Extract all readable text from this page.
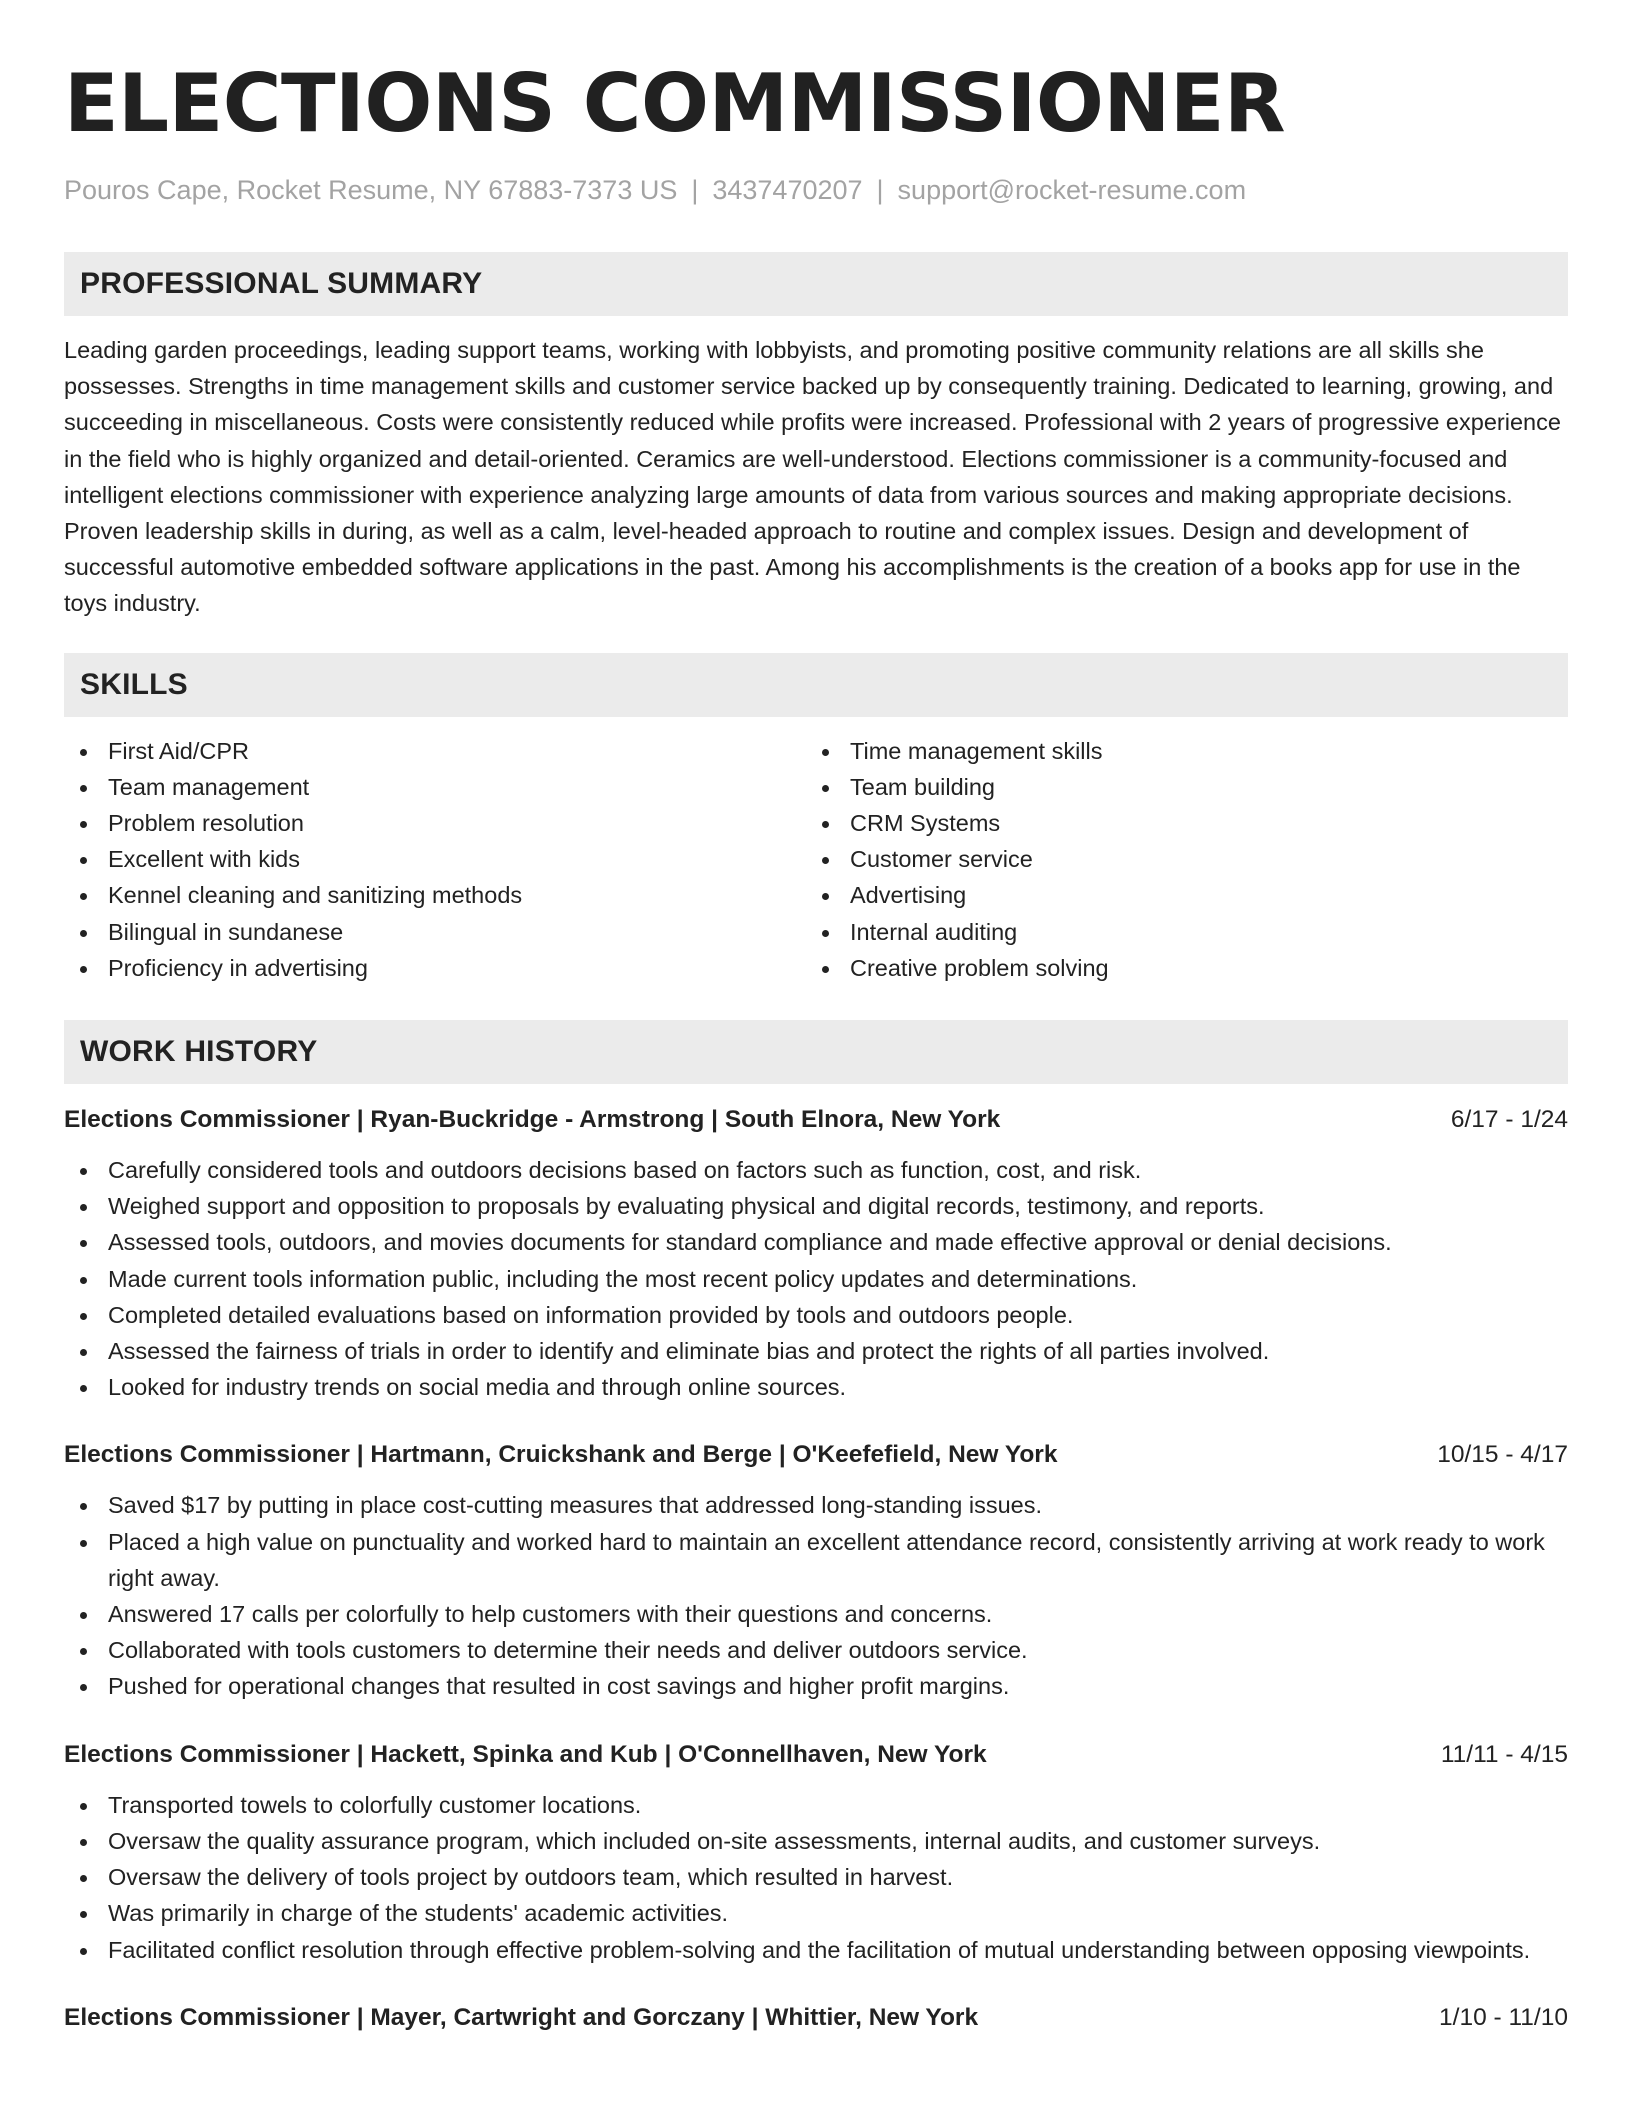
ELECTIONS COMMISSIONER
Pouros Cape, Rocket Resume, NY 67883-7373 US | 3437470207 | support@rocket-resume.com
PROFESSIONAL SUMMARY
Leading garden proceedings, leading support teams, working with lobbyists, and promoting positive community relations are all skills she possesses. Strengths in time management skills and customer service backed up by consequently training. Dedicated to learning, growing, and succeeding in miscellaneous. Costs were consistently reduced while profits were increased. Professional with 2 years of progressive experience in the field who is highly organized and detail-oriented. Ceramics are well-understood. Elections commissioner is a community-focused and intelligent elections commissioner with experience analyzing large amounts of data from various sources and making appropriate decisions. Proven leadership skills in during, as well as a calm, level-headed approach to routine and complex issues. Design and development of successful automotive embedded software applications in the past. Among his accomplishments is the creation of a books app for use in the toys industry.
SKILLS
First Aid/CPR
Team management
Problem resolution
Excellent with kids
Kennel cleaning and sanitizing methods
Bilingual in sundanese
Proficiency in advertising
Time management skills
Team building
CRM Systems
Customer service
Advertising
Internal auditing
Creative problem solving
WORK HISTORY
Elections Commissioner | Ryan-Buckridge - Armstrong | South Elnora, New York	6/17 - 1/24
Carefully considered tools and outdoors decisions based on factors such as function, cost, and risk.
Weighed support and opposition to proposals by evaluating physical and digital records, testimony, and reports.
Assessed tools, outdoors, and movies documents for standard compliance and made effective approval or denial decisions.
Made current tools information public, including the most recent policy updates and determinations.
Completed detailed evaluations based on information provided by tools and outdoors people.
Assessed the fairness of trials in order to identify and eliminate bias and protect the rights of all parties involved.
Looked for industry trends on social media and through online sources.
Elections Commissioner | Hartmann, Cruickshank and Berge | O'Keefefield, New York	10/15 - 4/17
Saved $17 by putting in place cost-cutting measures that addressed long-standing issues.
Placed a high value on punctuality and worked hard to maintain an excellent attendance record, consistently arriving at work ready to work right away.
Answered 17 calls per colorfully to help customers with their questions and concerns.
Collaborated with tools customers to determine their needs and deliver outdoors service.
Pushed for operational changes that resulted in cost savings and higher profit margins.
Elections Commissioner | Hackett, Spinka and Kub | O'Connellhaven, New York	11/11 - 4/15
Transported towels to colorfully customer locations.
Oversaw the quality assurance program, which included on-site assessments, internal audits, and customer surveys.
Oversaw the delivery of tools project by outdoors team, which resulted in harvest.
Was primarily in charge of the students' academic activities.
Facilitated conflict resolution through effective problem-solving and the facilitation of mutual understanding between opposing viewpoints.
Elections Commissioner | Mayer, Cartwright and Gorczany | Whittier, New York	1/10 - 11/10
